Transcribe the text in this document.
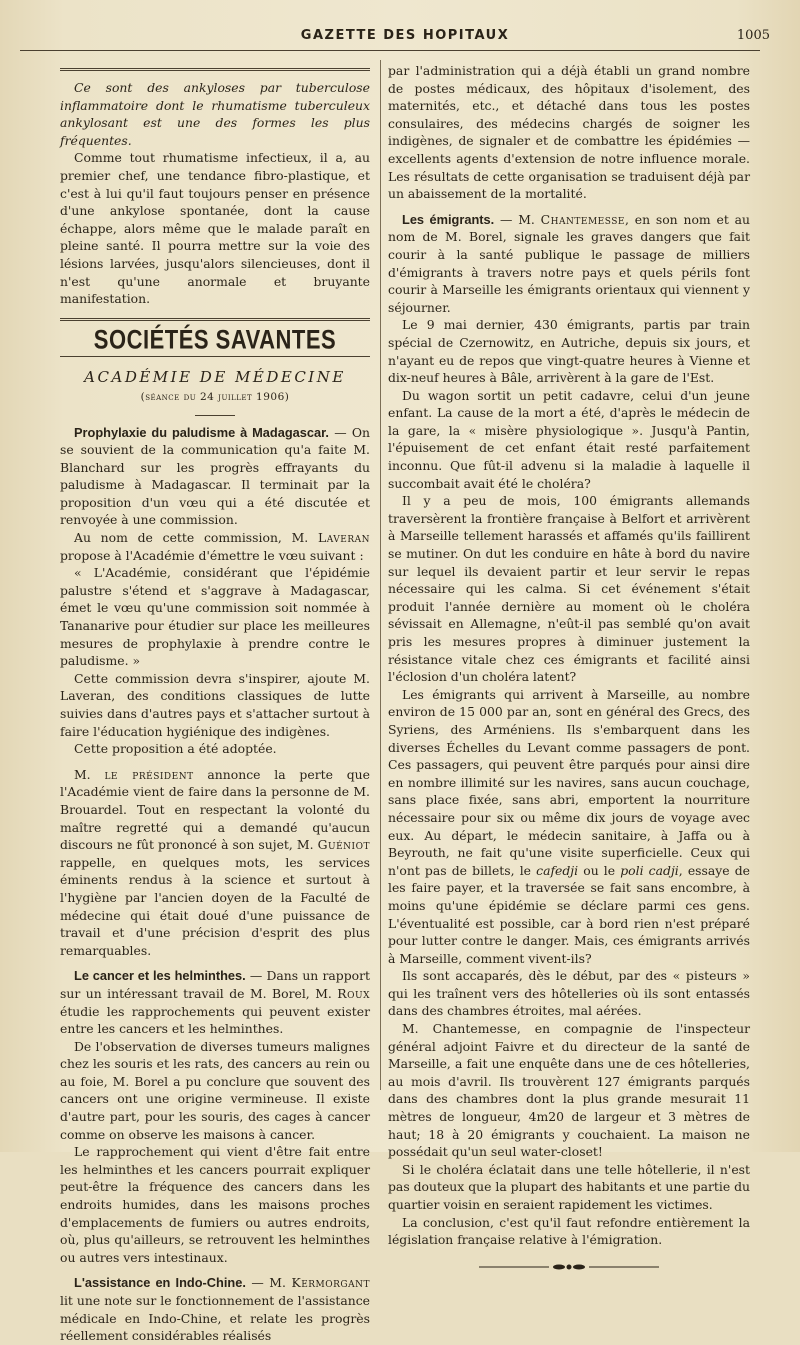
GAZETTE DES HOPITAUX	1005

Ce sont des ankyloses par tuberculose inflammatoire dont le rhumatisme tuberculeux ankylosant est une des formes les plus fréquentes.

Comme tout rhumatisme infectieux, il a, au premier chef, une tendance fibro-plastique, et c'est à lui qu'il faut toujours penser en présence d'une ankylose spontanée, dont la cause échappe, alors même que le malade paraît en pleine santé. Il pourra mettre sur la voie des lésions larvées, jusqu'alors silencieuses, dont il n'est qu'une anormale et bruyante manifestation.

SOCIÉTÉS SAVANTES
ACADÉMIE DE MÉDECINE
(séance du 24 juillet 1906)

Prophylaxie du paludisme à Madagascar. — On se souvient de la communication qu'a faite M. Blanchard sur les progrès effrayants du paludisme à Madagascar. Il terminait par la proposition d'un vœu qui a été discutée et renvoyée à une commission.

Au nom de cette commission, M. Laveran propose à l'Académie d'émettre le vœu suivant :

« L'Académie, considérant que l'épidémie palustre s'étend et s'aggrave à Madagascar, émet le vœu qu'une commission soit nommée à Tananarive pour étudier sur place les meilleures mesures de prophylaxie à prendre contre le paludisme. »

Cette commission devra s'inspirer, ajoute M. Laveran, des conditions classiques de lutte suivies dans d'autres pays et s'attacher surtout à faire l'éducation hygiénique des indigènes.

Cette proposition a été adoptée.

M. le président annonce la perte que l'Académie vient de faire dans la personne de M. Brouardel. Tout en respectant la volonté du maître regretté qui a demandé qu'aucun discours ne fût prononcé à son sujet, M. Guéniot rappelle, en quelques mots, les services éminents rendus à la science et surtout à l'hygiène par l'ancien doyen de la Faculté de médecine qui était doué d'une puissance de travail et d'une précision d'esprit des plus remarquables.

Le cancer et les helminthes. — Dans un rapport sur un intéressant travail de M. Borel, M. Roux étudie les rapprochements qui peuvent exister entre les cancers et les helminthes.

De l'observation de diverses tumeurs malignes chez les souris et les rats, des cancers au rein ou au foie, M. Borel a pu conclure que souvent des cancers ont une origine vermineuse. Il existe d'autre part, pour les souris, des cages à cancer comme on observe les maisons à cancer.

Le rapprochement qui vient d'être fait entre les helminthes et les cancers pourrait expliquer peut-être la fréquence des cancers dans les endroits humides, dans les maisons proches d'emplacements de fumiers ou autres endroits, où, plus qu'ailleurs, se retrouvent les helminthes ou autres vers intestinaux.

L'assistance en Indo-Chine. — M. Kermorgant lit une note sur le fonctionnement de l'assistance médicale en Indo-Chine, et relate les progrès réellement considérables réalisés

par l'administration qui a déjà établi un grand nombre de postes médicaux, des hôpitaux d'isolement, des maternités, etc., et détaché dans tous les postes consulaires, des médecins chargés de soigner les indigènes, de signaler et de combattre les épidémies — excellents agents d'extension de notre influence morale. Les résultats de cette organisation se traduisent déjà par un abaissement de la mortalité.

Les émigrants. — M. Chantemesse, en son nom et au nom de M. Borel, signale les graves dangers que fait courir à la santé publique le passage de milliers d'émigrants à travers notre pays et quels périls font courir à Marseille les émigrants orientaux qui viennent y séjourner.

Le 9 mai dernier, 430 émigrants, partis par train spécial de Czernowitz, en Autriche, depuis six jours, et n'ayant eu de repos que vingt-quatre heures à Vienne et dix-neuf heures à Bâle, arrivèrent à la gare de l'Est.

Du wagon sortit un petit cadavre, celui d'un jeune enfant. La cause de la mort a été, d'après le médecin de la gare, la « misère physiologique ». Jusqu'à Pantin, l'épuisement de cet enfant était resté parfaitement inconnu. Que fût-il advenu si la maladie à laquelle il succombait avait été le choléra?

Il y a peu de mois, 100 émigrants allemands traversèrent la frontière française à Belfort et arrivèrent à Marseille tellement harassés et affamés qu'ils faillirent se mutiner. On dut les conduire en hâte à bord du navire sur lequel ils devaient partir et leur servir le repas nécessaire qui les calma. Si cet événement s'était produit l'année dernière au moment où le choléra sévissait en Allemagne, n'eût-il pas semblé qu'on avait pris les mesures propres à diminuer justement la résistance vitale chez ces émigrants et facilité ainsi l'éclosion d'un choléra latent?

Les émigrants qui arrivent à Marseille, au nombre environ de 15 000 par an, sont en général des Grecs, des Syriens, des Arméniens. Ils s'embarquent dans les diverses Échelles du Levant comme passagers de pont. Ces passagers, qui peuvent être parqués pour ainsi dire en nombre illimité sur les navires, sans aucun couchage, sans place fixée, sans abri, emportent la nourriture nécessaire pour six ou même dix jours de voyage avec eux. Au départ, le médecin sanitaire, à Jaffa ou à Beyrouth, ne fait qu'une visite superficielle. Ceux qui n'ont pas de billets, le cafedji ou le poli cadji, essaye de les faire payer, et la traversée se fait sans encombre, à moins qu'une épidémie se déclare parmi ces gens. L'éventualité est possible, car à bord rien n'est préparé pour lutter contre le danger. Mais, ces émigrants arrivés à Marseille, comment vivent-ils?

Ils sont accaparés, dès le début, par des « pisteurs » qui les traînent vers des hôtelleries où ils sont entassés dans des chambres étroites, mal aérées.

M. Chantemesse, en compagnie de l'inspecteur général adjoint Faivre et du directeur de la santé de Marseille, a fait une enquête dans une de ces hôtelleries, au mois d'avril. Ils trouvèrent 127 émigrants parqués dans des chambres dont la plus grande mesurait 11 mètres de longueur, 4m20 de largeur et 3 mètres de haut; 18 à 20 émigrants y couchaient. La maison ne possédait qu'un seul water-closet!

Si le choléra éclatait dans une telle hôtellerie, il n'est pas douteux que la plupart des habitants et une partie du quartier voisin en seraient rapidement les victimes.

La conclusion, c'est qu'il faut refondre entièrement la législation française relative à l'émigration.
